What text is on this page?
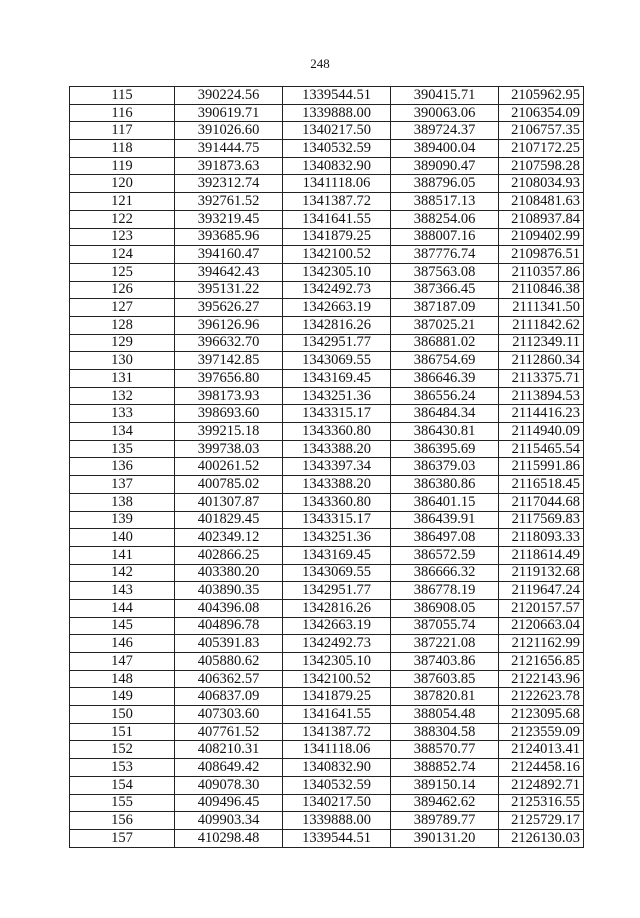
248
115	390224.56	1339544.51	390415.71	2105962.95
116	390619.71	1339888.00	390063.06	2106354.09
117	391026.60	1340217.50	389724.37	2106757.35
118	391444.75	1340532.59	389400.04	2107172.25
119	391873.63	1340832.90	389090.47	2107598.28
120	392312.74	1341118.06	388796.05	2108034.93
121	392761.52	1341387.72	388517.13	2108481.63
122	393219.45	1341641.55	388254.06	2108937.84
123	393685.96	1341879.25	388007.16	2109402.99
124	394160.47	1342100.52	387776.74	2109876.51
125	394642.43	1342305.10	387563.08	2110357.86
126	395131.22	1342492.73	387366.45	2110846.38
127	395626.27	1342663.19	387187.09	2111341.50
128	396126.96	1342816.26	387025.21	2111842.62
129	396632.70	1342951.77	386881.02	2112349.11
130	397142.85	1343069.55	386754.69	2112860.34
131	397656.80	1343169.45	386646.39	2113375.71
132	398173.93	1343251.36	386556.24	2113894.53
133	398693.60	1343315.17	386484.34	2114416.23
134	399215.18	1343360.80	386430.81	2114940.09
135	399738.03	1343388.20	386395.69	2115465.54
136	400261.52	1343397.34	386379.03	2115991.86
137	400785.02	1343388.20	386380.86	2116518.45
138	401307.87	1343360.80	386401.15	2117044.68
139	401829.45	1343315.17	386439.91	2117569.83
140	402349.12	1343251.36	386497.08	2118093.33
141	402866.25	1343169.45	386572.59	2118614.49
142	403380.20	1343069.55	386666.32	2119132.68
143	403890.35	1342951.77	386778.19	2119647.24
144	404396.08	1342816.26	386908.05	2120157.57
145	404896.78	1342663.19	387055.74	2120663.04
146	405391.83	1342492.73	387221.08	2121162.99
147	405880.62	1342305.10	387403.86	2121656.85
148	406362.57	1342100.52	387603.85	2122143.96
149	406837.09	1341879.25	387820.81	2122623.78
150	407303.60	1341641.55	388054.48	2123095.68
151	407761.52	1341387.72	388304.58	2123559.09
152	408210.31	1341118.06	388570.77	2124013.41
153	408649.42	1340832.90	388852.74	2124458.16
154	409078.30	1340532.59	389150.14	2124892.71
155	409496.45	1340217.50	389462.62	2125316.55
156	409903.34	1339888.00	389789.77	2125729.17
157	410298.48	1339544.51	390131.20	2126130.03
